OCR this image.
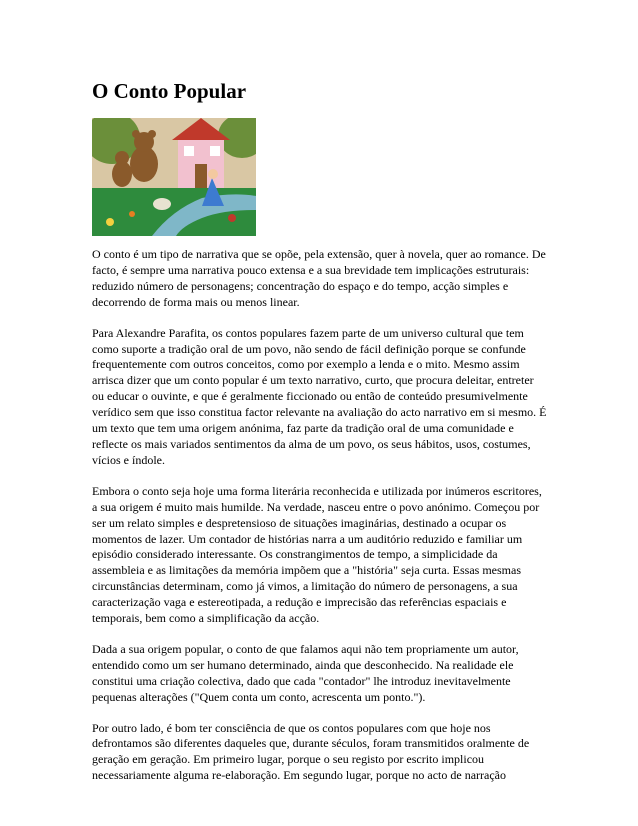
O Conto Popular

O conto é um tipo de narrativa que se opõe, pela extensão, quer à novela, quer ao romance. De facto, é sempre uma narrativa pouco extensa e a sua brevidade tem implicações estruturais: reduzido número de personagens; concentração do espaço e do tempo, acção simples e decorrendo de forma mais ou menos linear.

Para Alexandre Parafita, os contos populares fazem parte de um universo cultural que tem como suporte a tradição oral de um povo, não sendo de fácil definição porque se confunde frequentemente com outros conceitos, como por exemplo a lenda e o mito. Mesmo assim arrisca dizer que um conto popular é um texto narrativo, curto, que procura deleitar, entreter ou educar o ouvinte, e que é geralmente ficcionado ou então de conteúdo presumivelmente verídico sem que isso constitua factor relevante na avaliação do acto narrativo em si mesmo. É um texto que tem uma origem anónima, faz parte da tradição oral de uma comunidade e reflecte os mais variados sentimentos da alma de um povo, os seus hábitos, usos, costumes, vícios e índole.

Embora o conto seja hoje uma forma literária reconhecida e utilizada por inúmeros escritores, a sua origem é muito mais humilde. Na verdade, nasceu entre o povo anónimo. Começou por ser um relato simples e despretensioso de situações imaginárias, destinado a ocupar os momentos de lazer. Um contador de histórias narra a um auditório reduzido e familiar um episódio considerado interessante. Os constrangimentos de tempo, a simplicidade da assembleia e as limitações da memória impõem que a "história" seja curta. Essas mesmas circunstâncias determinam, como já vimos, a limitação do número de personagens, a sua caracterização vaga e estereotipada, a redução e imprecisão das referências espaciais e temporais, bem como a simplificação da acção.

Dada a sua origem popular, o conto de que falamos aqui não tem propriamente um autor, entendido como um ser humano determinado, ainda que desconhecido. Na realidade ele constitui uma criação colectiva, dado que cada "contador" lhe introduz inevitavelmente pequenas alterações ("Quem conta um conto, acrescenta um ponto.").

Por outro lado, é bom ter consciência de que os contos populares com que hoje nos defrontamos são diferentes daqueles que, durante séculos, foram transmitidos oralmente de geração em geração. Em primeiro lugar, porque o seu registo por escrito implicou necessariamente alguma re-elaboração. Em segundo lugar, porque no acto de narração
